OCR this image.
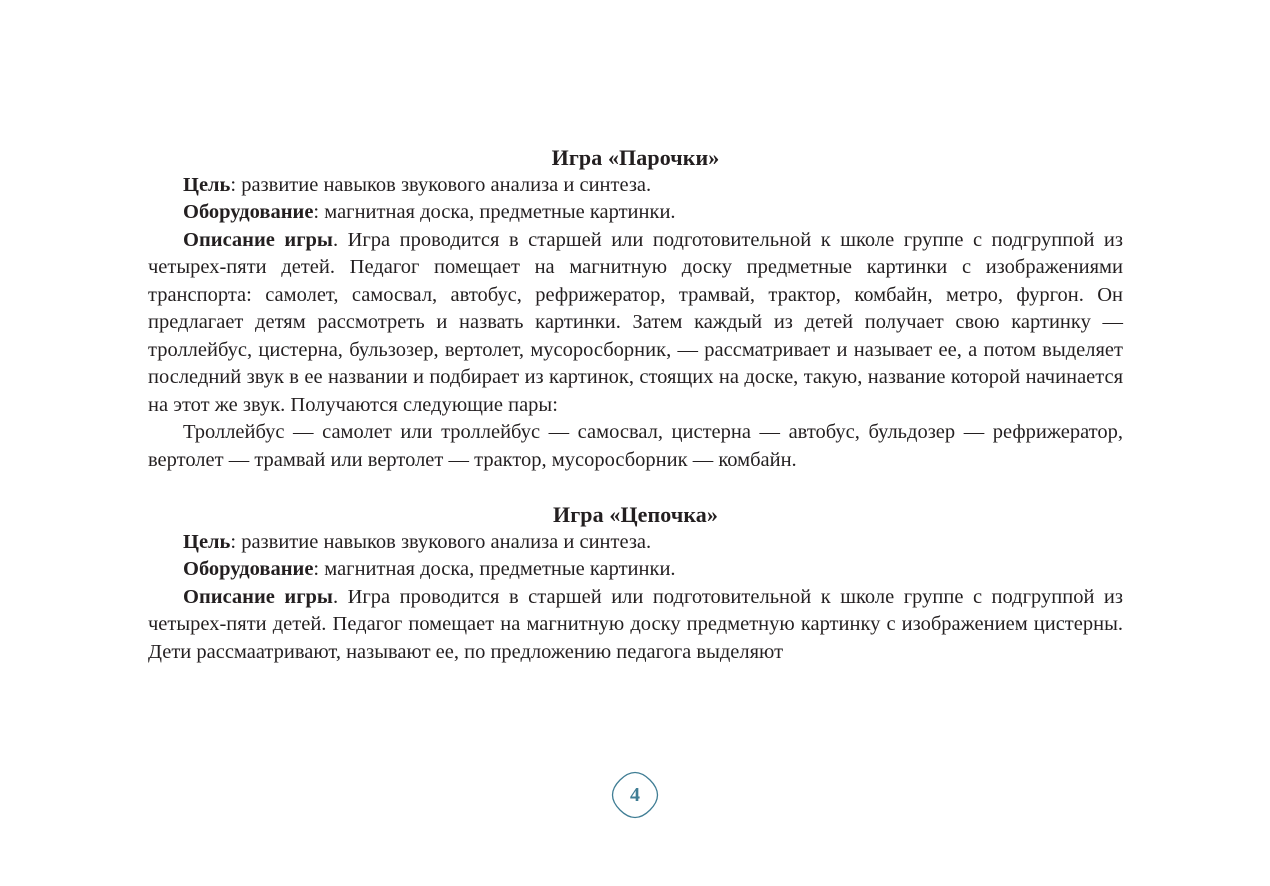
Игра «Парочки»

Цель: развитие навыков звукового анализа и синтеза.

Оборудование: магнитная доска, предметные картинки.

Описание игры. Игра проводится в старшей или подготовительной к школе группе с подгруппой из четырех-пяти детей. Педагог помещает на магнитную доску предметные картинки с изображениями транспорта: самолет, самосвал, автобус, рефрижератор, трамвай, трактор, комбайн, метро, фургон. Он предлагает детям рассмотреть и назвать картинки. Затем каждый из детей получает свою картинку — троллейбус, цистерна, бульзозер, вертолет, мусоросборник, — рассматривает и называет ее, а потом выделяет последний звук в ее названии и подбирает из картинок, стоящих на доске, такую, название которой начинается на этот же звук. Получаются следующие пары:

Троллейбус — самолет или троллейбус — самосвал, цистерна — автобус, бульдозер — рефрижератор, вертолет — трамвай или вертолет — трактор, мусоросборник — комбайн.

Игра «Цепочка»

Цель: развитие навыков звукового анализа и синтеза.

Оборудование: магнитная доска, предметные картинки.

Описание игры. Игра проводится в старшей или подготовительной к школе группе с подгруппой из четырех-пяти детей. Педагог помещает на магнитную доску предметную картинку с изображением цистерны. Дети рассмаатривают, называют ее, по предложению педагога выделяют

4
